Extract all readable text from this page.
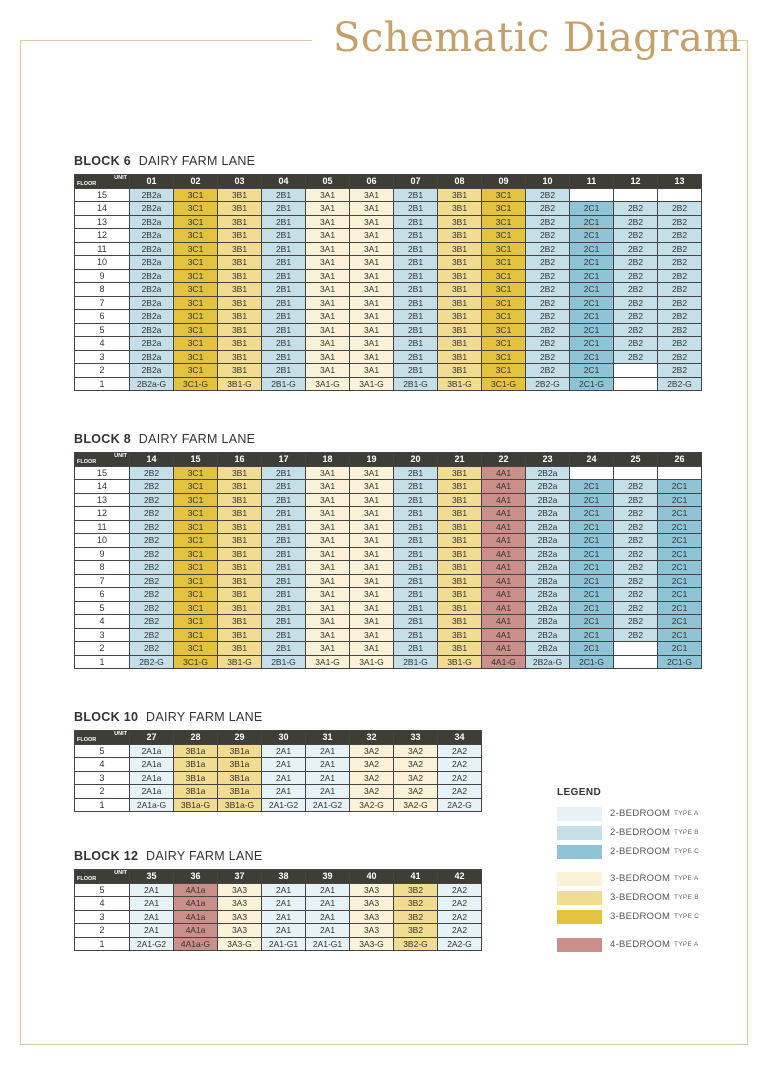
Schematic Diagram
BLOCK 6 DAIRY FARM LANE
UNIT
FLOOR	01	02	03	04	05	06	07	08	09	10	11	12	13
15	2B2a	3C1	3B1	2B1	3A1	3A1	2B1	3B1	3C1	2B2			
14	2B2a	3C1	3B1	2B1	3A1	3A1	2B1	3B1	3C1	2B2	2C1	2B2	2B2
13	2B2a	3C1	3B1	2B1	3A1	3A1	2B1	3B1	3C1	2B2	2C1	2B2	2B2
12	2B2a	3C1	3B1	2B1	3A1	3A1	2B1	3B1	3C1	2B2	2C1	2B2	2B2
11	2B2a	3C1	3B1	2B1	3A1	3A1	2B1	3B1	3C1	2B2	2C1	2B2	2B2
10	2B2a	3C1	3B1	2B1	3A1	3A1	2B1	3B1	3C1	2B2	2C1	2B2	2B2
9	2B2a	3C1	3B1	2B1	3A1	3A1	2B1	3B1	3C1	2B2	2C1	2B2	2B2
8	2B2a	3C1	3B1	2B1	3A1	3A1	2B1	3B1	3C1	2B2	2C1	2B2	2B2
7	2B2a	3C1	3B1	2B1	3A1	3A1	2B1	3B1	3C1	2B2	2C1	2B2	2B2
6	2B2a	3C1	3B1	2B1	3A1	3A1	2B1	3B1	3C1	2B2	2C1	2B2	2B2
5	2B2a	3C1	3B1	2B1	3A1	3A1	2B1	3B1	3C1	2B2	2C1	2B2	2B2
4	2B2a	3C1	3B1	2B1	3A1	3A1	2B1	3B1	3C1	2B2	2C1	2B2	2B2
3	2B2a	3C1	3B1	2B1	3A1	3A1	2B1	3B1	3C1	2B2	2C1	2B2	2B2
2	2B2a	3C1	3B1	2B1	3A1	3A1	2B1	3B1	3C1	2B2	2C1		2B2
1	2B2a-G	3C1-G	3B1-G	2B1-G	3A1-G	3A1-G	2B1-G	3B1-G	3C1-G	2B2-G	2C1-G		2B2-G
BLOCK 8 DAIRY FARM LANE
UNIT
FLOOR	14	15	16	17	18	19	20	21	22	23	24	25	26
15	2B2	3C1	3B1	2B1	3A1	3A1	2B1	3B1	4A1	2B2a			
14	2B2	3C1	3B1	2B1	3A1	3A1	2B1	3B1	4A1	2B2a	2C1	2B2	2C1
13	2B2	3C1	3B1	2B1	3A1	3A1	2B1	3B1	4A1	2B2a	2C1	2B2	2C1
12	2B2	3C1	3B1	2B1	3A1	3A1	2B1	3B1	4A1	2B2a	2C1	2B2	2C1
11	2B2	3C1	3B1	2B1	3A1	3A1	2B1	3B1	4A1	2B2a	2C1	2B2	2C1
10	2B2	3C1	3B1	2B1	3A1	3A1	2B1	3B1	4A1	2B2a	2C1	2B2	2C1
9	2B2	3C1	3B1	2B1	3A1	3A1	2B1	3B1	4A1	2B2a	2C1	2B2	2C1
8	2B2	3C1	3B1	2B1	3A1	3A1	2B1	3B1	4A1	2B2a	2C1	2B2	2C1
7	2B2	3C1	3B1	2B1	3A1	3A1	2B1	3B1	4A1	2B2a	2C1	2B2	2C1
6	2B2	3C1	3B1	2B1	3A1	3A1	2B1	3B1	4A1	2B2a	2C1	2B2	2C1
5	2B2	3C1	3B1	2B1	3A1	3A1	2B1	3B1	4A1	2B2a	2C1	2B2	2C1
4	2B2	3C1	3B1	2B1	3A1	3A1	2B1	3B1	4A1	2B2a	2C1	2B2	2C1
3	2B2	3C1	3B1	2B1	3A1	3A1	2B1	3B1	4A1	2B2a	2C1	2B2	2C1
2	2B2	3C1	3B1	2B1	3A1	3A1	2B1	3B1	4A1	2B2a	2C1		2C1
1	2B2-G	3C1-G	3B1-G	2B1-G	3A1-G	3A1-G	2B1-G	3B1-G	4A1-G	2B2a-G	2C1-G		2C1-G
BLOCK 10 DAIRY FARM LANE
UNIT
FLOOR	27	28	29	30	31	32	33	34
5	2A1a	3B1a	3B1a	2A1	2A1	3A2	3A2	2A2
4	2A1a	3B1a	3B1a	2A1	2A1	3A2	3A2	2A2
3	2A1a	3B1a	3B1a	2A1	2A1	3A2	3A2	2A2
2	2A1a	3B1a	3B1a	2A1	2A1	3A2	3A2	2A2
1	2A1a-G	3B1a-G	3B1a-G	2A1-G2	2A1-G2	3A2-G	3A2-G	2A2-G
BLOCK 12 DAIRY FARM LANE
UNIT
FLOOR	35	36	37	38	39	40	41	42
5	2A1	4A1a	3A3	2A1	2A1	3A3	3B2	2A2
4	2A1	4A1a	3A3	2A1	2A1	3A3	3B2	2A2
3	2A1	4A1a	3A3	2A1	2A1	3A3	3B2	2A2
2	2A1	4A1a	3A3	2A1	2A1	3A3	3B2	2A2
1	2A1-G2	4A1a-G	3A3-G	2A1-G1	2A1-G1	3A3-G	3B2-G	2A2-G
LEGEND
2-BEDROOM TYPE A
2-BEDROOM TYPE B
2-BEDROOM TYPE C
3-BEDROOM TYPE A
3-BEDROOM TYPE B
3-BEDROOM TYPE C
4-BEDROOM TYPE A
